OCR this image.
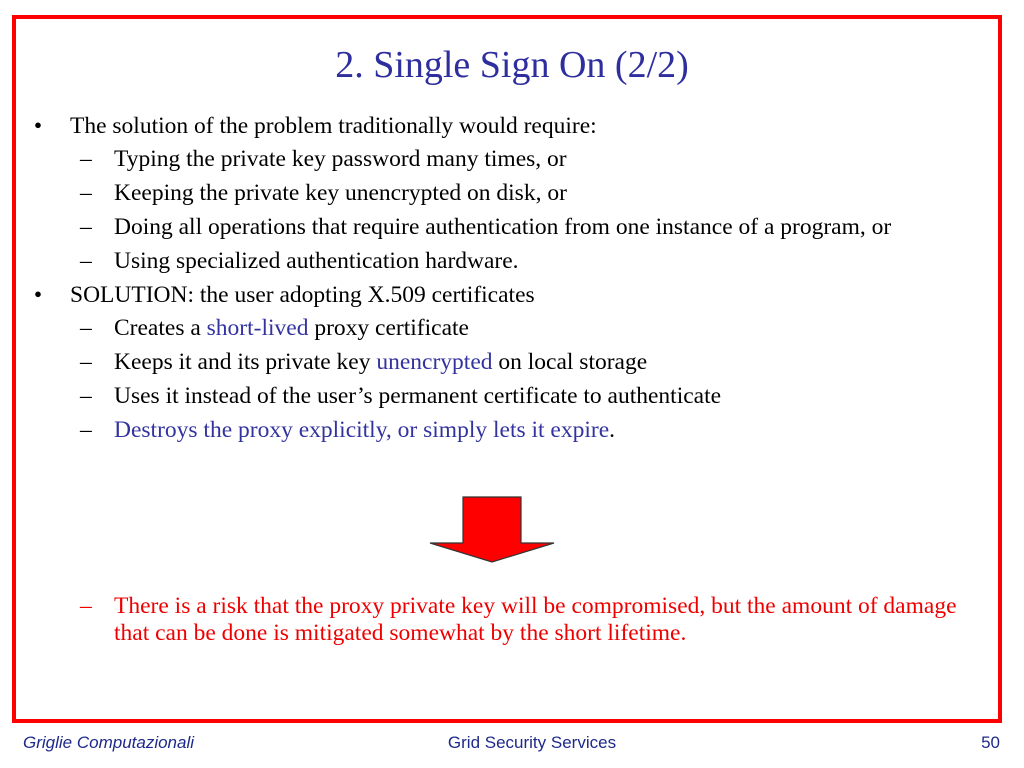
2. Single Sign On (2/2)
• The solution of the problem traditionally would require:
– Typing the private key password many times, or
– Keeping the private key unencrypted on disk, or
– Doing all operations that require authentication from one instance of a program, or
– Using specialized authentication hardware.
• SOLUTION: the user adopting X.509 certificates
– Creates a short-lived proxy certificate
– Keeps it and its private key unencrypted on local storage
– Uses it instead of the user’s permanent certificate to authenticate
– Destroys the proxy explicitly, or simply lets it expire.
– There is a risk that the proxy private key will be compromised, but the amount of damage that can be done is mitigated somewhat by the short lifetime.
Griglie Computazionali	Grid Security Services	50
